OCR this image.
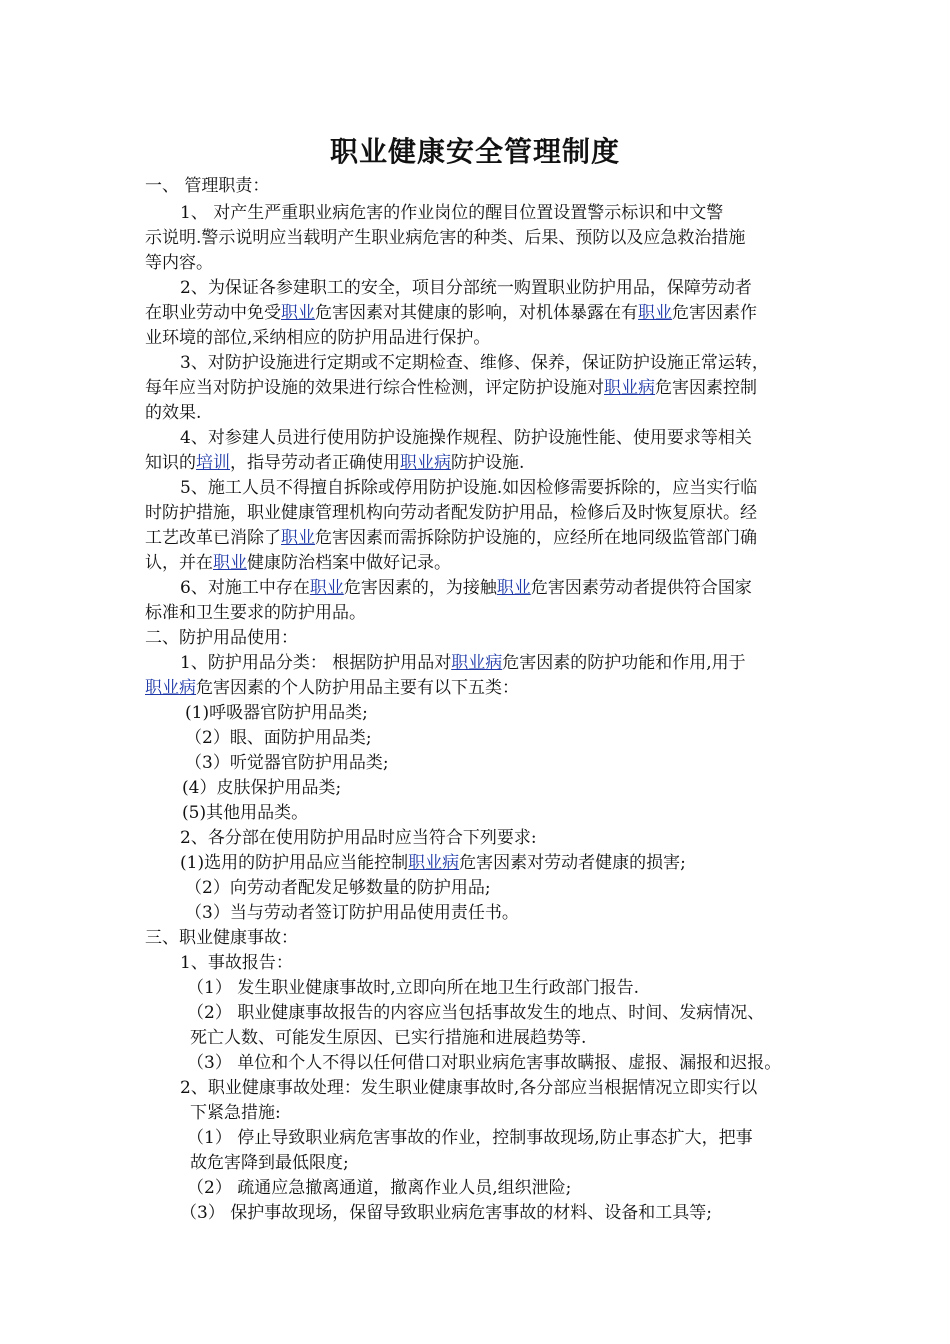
职业健康安全管理制度
一、 管理职责：
1、 对产生严重职业病危害的作业岗位的醒目位置设置警示标识和中文警
示说明.警示说明应当载明产生职业病危害的种类、后果、预防以及应急救治措施
等内容。
2、为保证各参建职工的安全，项目分部统一购置职业防护用品，保障劳动者
在职业劳动中免受职业危害因素对其健康的影响，对机体暴露在有职业危害因素作
业环境的部位,采纳相应的防护用品进行保护。
3、对防护设施进行定期或不定期检查、维修、保养，保证防护设施正常运转，
每年应当对防护设施的效果进行综合性检测，评定防护设施对职业病危害因素控制
的效果.
4、对参建人员进行使用防护设施操作规程、防护设施性能、使用要求等相关
知识的培训，指导劳动者正确使用职业病防护设施.
5、施工人员不得擅自拆除或停用防护设施.如因检修需要拆除的，应当实行临
时防护措施，职业健康管理机构向劳动者配发防护用品，检修后及时恢复原状。经
工艺改革已消除了职业危害因素而需拆除防护设施的，应经所在地同级监管部门确
认，并在职业健康防治档案中做好记录。
6、对施工中存在职业危害因素的，为接触职业危害因素劳动者提供符合国家
标准和卫生要求的防护用品。
二、防护用品使用：
1、防护用品分类： 根据防护用品对职业病危害因素的防护功能和作用,用于
职业病危害因素的个人防护用品主要有以下五类：
(1)呼吸器官防护用品类;
（2）眼、面防护用品类;
（3）听觉器官防护用品类;
(4）皮肤保护用品类;
(5)其他用品类。
2、各分部在使用防护用品时应当符合下列要求:
(1)选用的防护用品应当能控制职业病危害因素对劳动者健康的损害;
（2）向劳动者配发足够数量的防护用品;
（3）当与劳动者签订防护用品使用责任书。
三、职业健康事故：
1、事故报告：
（1） 发生职业健康事故时,立即向所在地卫生行政部门报告.
（2） 职业健康事故报告的内容应当包括事故发生的地点、时间、发病情况、
死亡人数、可能发生原因、已实行措施和进展趋势等.
（3） 单位和个人不得以任何借口对职业病危害事故瞒报、虚报、漏报和迟报。
2、职业健康事故处理：发生职业健康事故时,各分部应当根据情况立即实行以
下紧急措施:
（1） 停止导致职业病危害事故的作业，控制事故现场,防止事态扩大，把事
故危害降到最低限度;
（2） 疏通应急撤离通道，撤离作业人员,组织泄险;
（3） 保护事故现场，保留导致职业病危害事故的材料、设备和工具等;
